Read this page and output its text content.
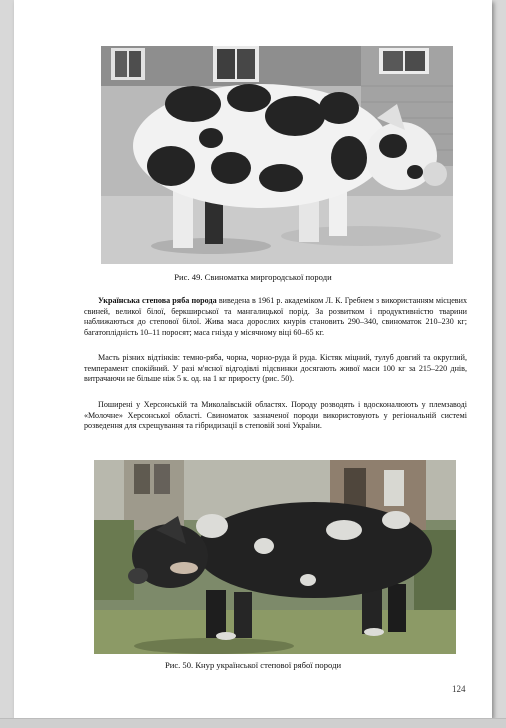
Рис. 49. Свиноматка миргородської породи

Українська степова ряба порода виведена в 1961 р. академіком Л. К. Гребнем з використанням місцевих свиней, великої білої, беркширської та мангалицької порід. За розвитком і продуктивністю тварини наближаються до степової білої. Жива маса дорослих кнурів становить 290–340, свиноматок 210–230 кг; багатоплідність 10–11 поросят; маса гнізда у місячному віці 60–65 кг.

Масть різних відтінків: темно-ряба, чорна, чорно-руда й руда. Кістяк міцний, тулуб довгий та округлий, темперамент спокійний. У разі м'ясної відгодівлі підсвинки досягають живої маси 100 кг за 215–220 днів, витрачаючи не більше ніж 5 к. од. на 1 кг приросту (рис. 50).

Поширені у Херсонській та Миколаївській областях. Породу розводять і вдосконалюють у племзаводі «Молочне» Херсонської області. Свиноматок зазначеної породи використовують у регіональній системі розведення для схрещування та гібридизації в степовій зоні України.

Рис. 50. Кнур української степової рябої породи
124
